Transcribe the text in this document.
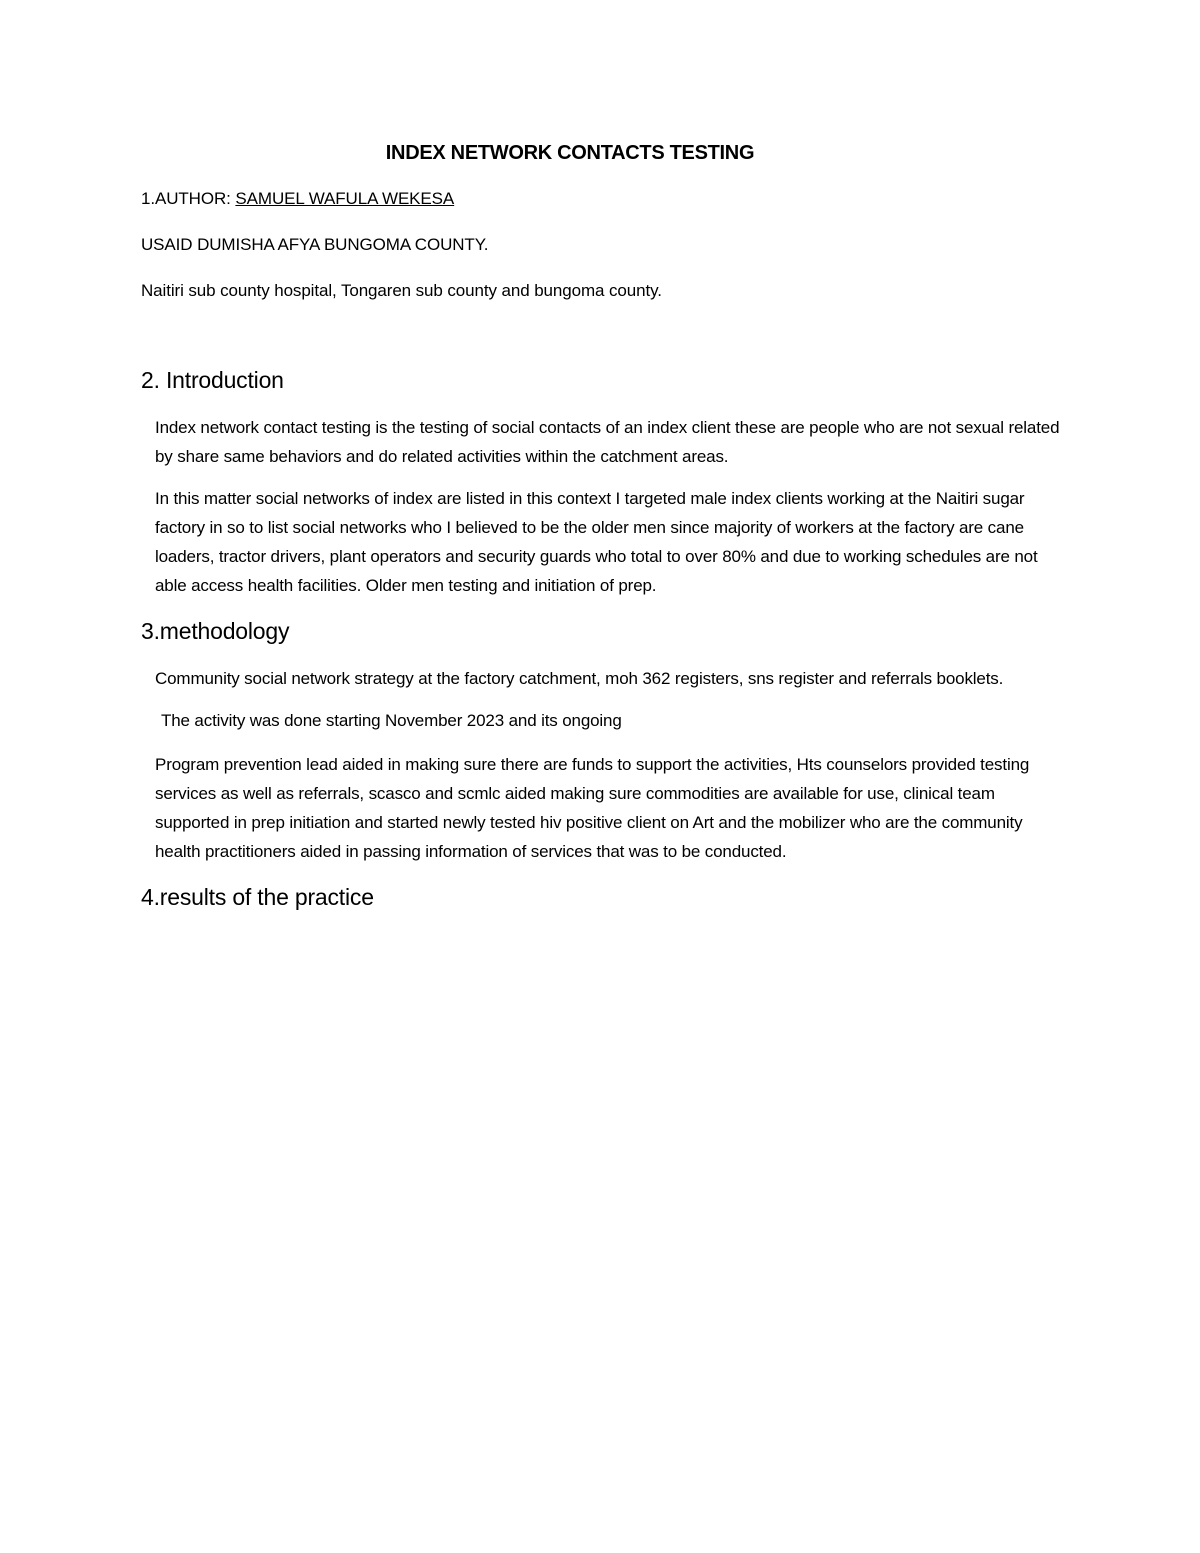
INDEX NETWORK CONTACTS TESTING
1.AUTHOR: SAMUEL WAFULA WEKESA
USAID DUMISHA AFYA BUNGOMA COUNTY.
Naitiri sub county hospital, Tongaren sub county and bungoma county.
2. Introduction
Index network contact testing is the testing of social contacts of an index client these are people who are not sexual related by share same behaviors and do related activities within the catchment areas.
In this matter social networks of index are listed in this context I targeted male index clients working at the Naitiri sugar factory in so to list social networks who I believed to be the older men since majority of workers at the factory are cane loaders, tractor drivers, plant operators and security guards who total to over 80% and due to working schedules are not able access health facilities. Older men testing and initiation of prep.
3.methodology
Community social network strategy at the factory catchment, moh 362 registers, sns register and referrals booklets.
The activity was done starting November 2023 and its ongoing
Program prevention lead aided in making sure there are funds to support the activities, Hts counselors provided testing services as well as referrals, scasco and scmlc aided making sure commodities are available for use, clinical team supported in prep initiation and started newly tested hiv positive client on Art and the mobilizer who are the community health practitioners aided in passing information of services that was to be conducted.
4.results of the practice
